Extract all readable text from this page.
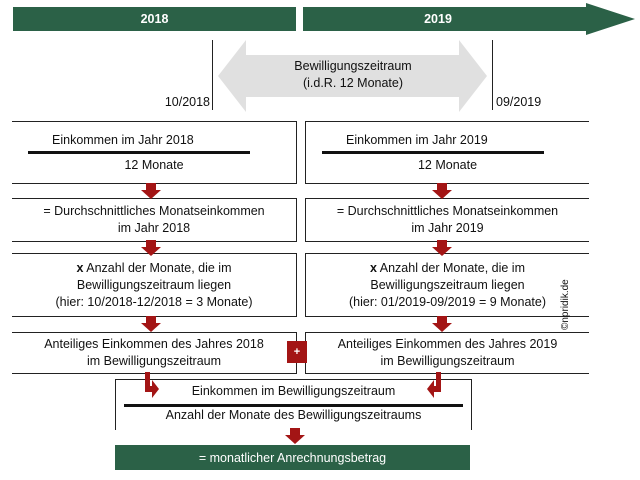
2018	2019
10/2018	09/2019
Bewilligungszeitraum
(i.d.R. 12 Monate)
Einkommen im Jahr 2018
12 Monate
= Durchschnittliches Monatseinkommen
im Jahr 2018
x Anzahl der Monate, die im
Bewilligungszeitraum liegen
(hier: 10/2018-12/2018 = 3 Monate)
Anteiliges Einkommen des Jahres 2018
im Bewilligungszeitraum
Einkommen im Jahr 2019
12 Monate
= Durchschnittliches Monatseinkommen
im Jahr 2019
x Anzahl der Monate, die im
Bewilligungszeitraum liegen
(hier: 01/2019-09/2019 = 9 Monate)
Anteiliges Einkommen des Jahres 2019
im Bewilligungszeitraum
+
Einkommen im Bewilligungszeitraum
Anzahl der Monate des Bewilligungszeitraums
= monatlicher Anrechnungsbetrag
©npridik.de
